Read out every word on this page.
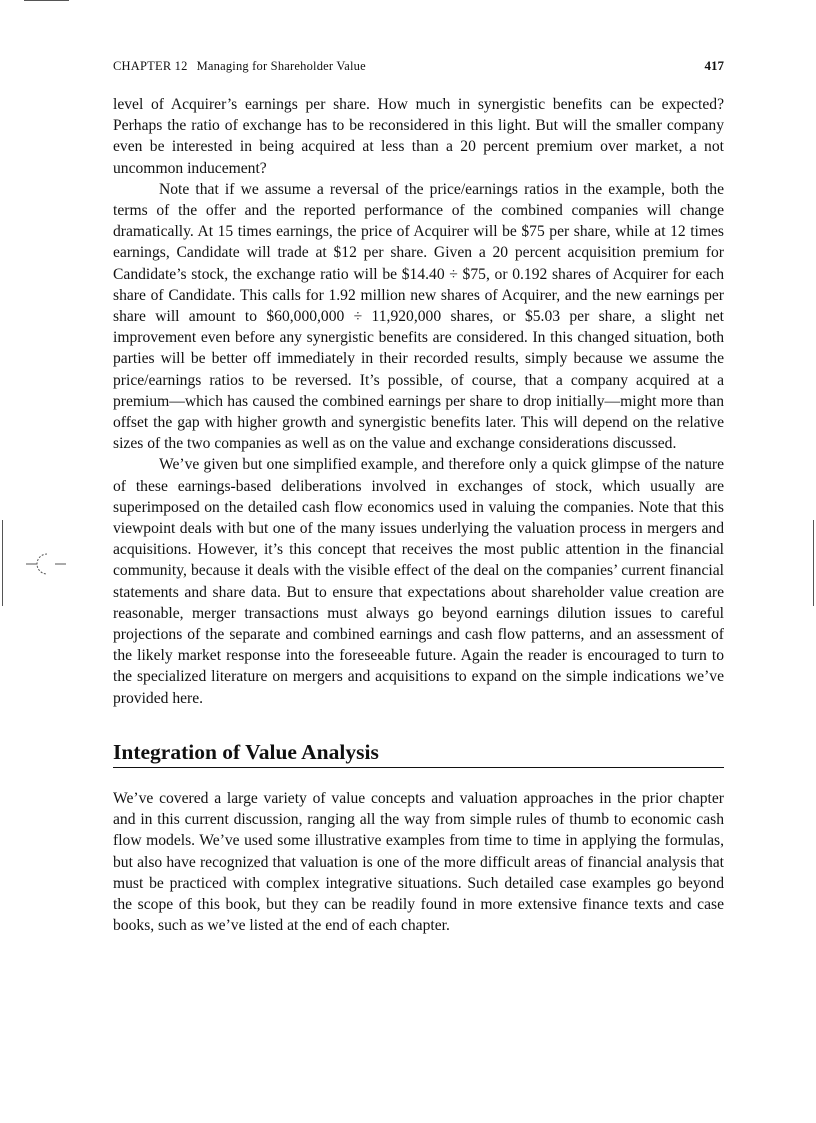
CHAPTER 12 Managing for Shareholder Value	417

level of Acquirer’s earnings per share. How much in synergistic benefits can be expected? Perhaps the ratio of exchange has to be reconsidered in this light. But will the smaller company even be interested in being acquired at less than a 20 percent premium over market, a not uncommon inducement?

Note that if we assume a reversal of the price/earnings ratios in the example, both the terms of the offer and the reported performance of the combined companies will change dramatically. At 15 times earnings, the price of Acquirer will be $75 per share, while at 12 times earnings, Candidate will trade at $12 per share. Given a 20 percent acquisition premium for Candidate’s stock, the exchange ratio will be $14.40 ÷ $75, or 0.192 shares of Acquirer for each share of Candidate. This calls for 1.92 million new shares of Acquirer, and the new earnings per share will amount to $60,000,000 ÷ 11,920,000 shares, or $5.03 per share, a slight net improvement even before any synergistic benefits are considered. In this changed situation, both parties will be better off immediately in their recorded results, simply because we assume the price/earnings ratios to be reversed. It’s possible, of course, that a company acquired at a premium—which has caused the combined earnings per share to drop initially—might more than offset the gap with higher growth and synergistic benefits later. This will depend on the relative sizes of the two companies as well as on the value and exchange considerations discussed.

We’ve given but one simplified example, and therefore only a quick glimpse of the nature of these earnings-based deliberations involved in exchanges of stock, which usually are superimposed on the detailed cash flow economics used in valuing the companies. Note that this viewpoint deals with but one of the many issues underlying the valuation process in mergers and acquisitions. However, it’s this concept that receives the most public attention in the financial community, because it deals with the visible effect of the deal on the companies’ current financial statements and share data. But to ensure that expectations about shareholder value creation are reasonable, merger transactions must always go beyond earnings dilution issues to careful projections of the separate and combined earnings and cash flow patterns, and an assessment of the likely market response into the foreseeable future. Again the reader is encouraged to turn to the specialized literature on mergers and acquisitions to expand on the simple indications we’ve provided here.

Integration of Value Analysis

We’ve covered a large variety of value concepts and valuation approaches in the prior chapter and in this current discussion, ranging all the way from simple rules of thumb to economic cash flow models. We’ve used some illustrative examples from time to time in applying the formulas, but also have recognized that valuation is one of the more difficult areas of financial analysis that must be practiced with complex integrative situations. Such detailed case examples go beyond the scope of this book, but they can be readily found in more extensive finance texts and case books, such as we’ve listed at the end of each chapter.
